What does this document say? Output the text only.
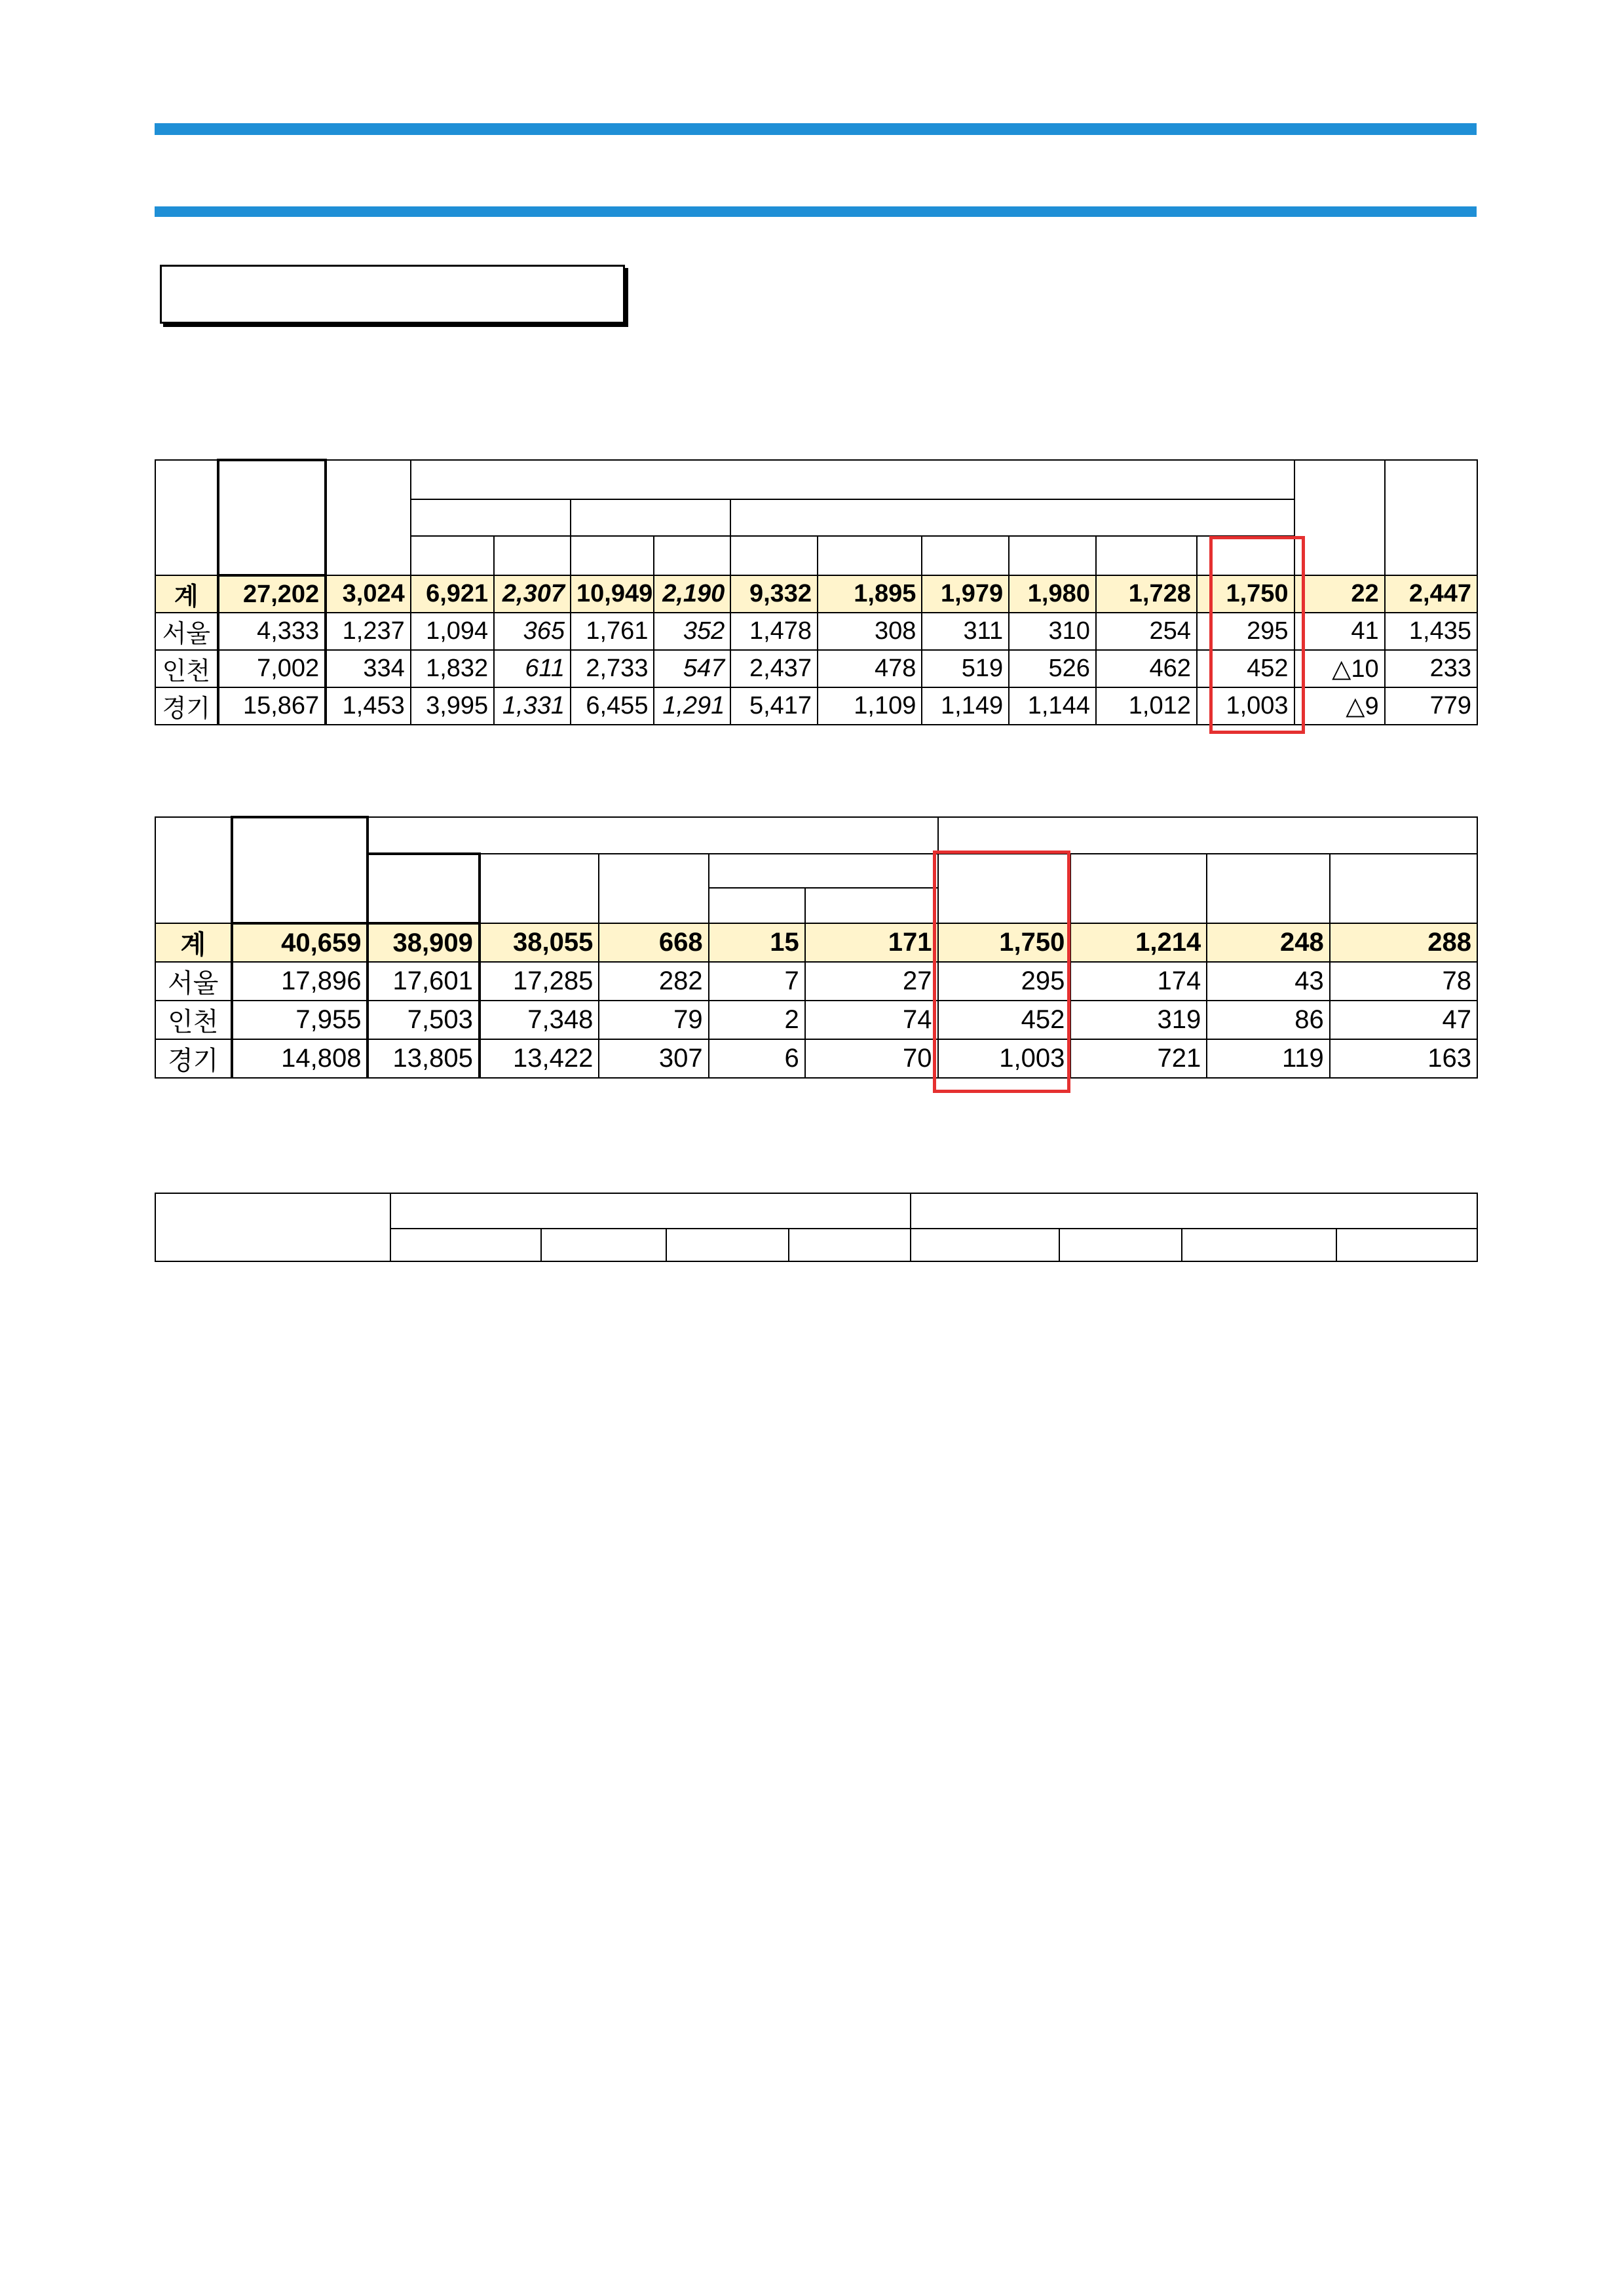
계	27,202	3,024	6,921	2,307	10,949	2,190	9,332	1,895	1,979	1,980	1,728	1,750	22	2,447
서울	4,333	1,237	1,094	365	1,761	352	1,478	308	311	310	254	295	41	1,435
인천	7,002	334	1,832	611	2,733	547	2,437	478	519	526	462	452	△10	233
경기	15,867	1,453	3,995	1,331	6,455	1,291	5,417	1,109	1,149	1,144	1,012	1,003	△9	779

계	40,659	38,909	38,055	668	15	171	1,750	1,214	248	288
서울	17,896	17,601	17,285	282	7	27	295	174	43	78
인천	7,955	7,503	7,348	79	2	74	452	319	86	47
경기	14,808	13,805	13,422	307	6	70	1,003	721	119	163
